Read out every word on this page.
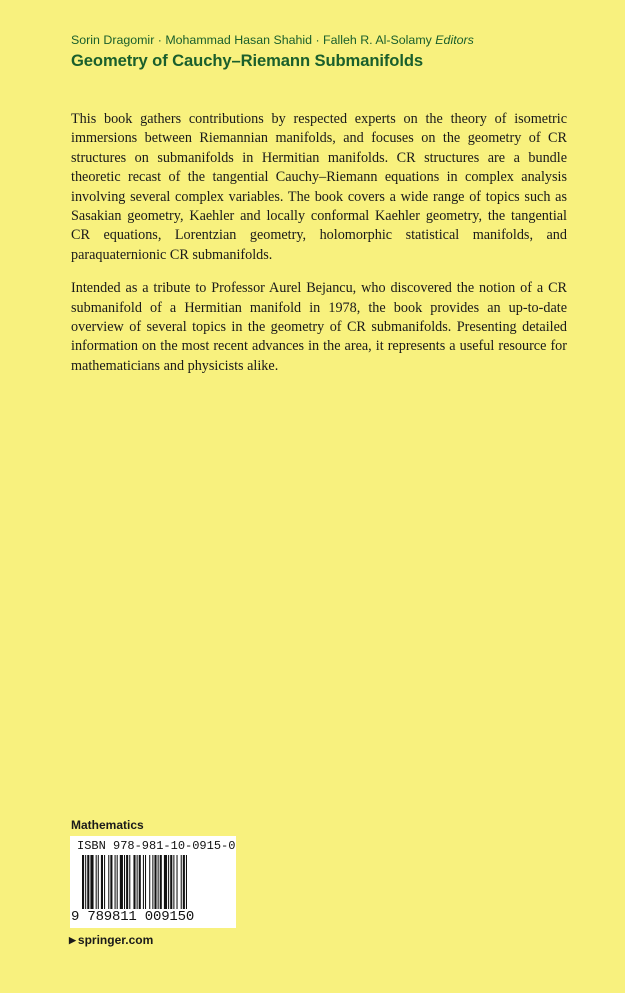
Sorin Dragomir · Mohammad Hasan Shahid · Falleh R. Al-Solamy Editors
Geometry of Cauchy–Riemann Submanifolds

This book gathers contributions by respected experts on the theory of isometric immersions between Riemannian manifolds, and focuses on the geometry of CR structures on submanifolds in Hermitian manifolds. CR structures are a bundle theoretic recast of the tangential Cauchy–Riemann equations in complex analysis involving several complex variables. The book covers a wide range of topics such as Sasakian geometry, Kaehler and locally conformal Kaehler geometry, the tangential CR equations, Lorentzian geometry, holomorphic statistical manifolds, and paraquaternionic CR submanifolds.

Intended as a tribute to Professor Aurel Bejancu, who discovered the notion of a CR submanifold of a Hermitian manifold in 1978, the book provides an up-to-date overview of several topics in the geometry of CR submanifolds. Presenting detailed information on the most recent advances in the area, it represents a useful resource for mathematicians and physicists alike.

Mathematics
ISBN 978-981-10-0915-0
9 789811 009150
▶ springer.com
